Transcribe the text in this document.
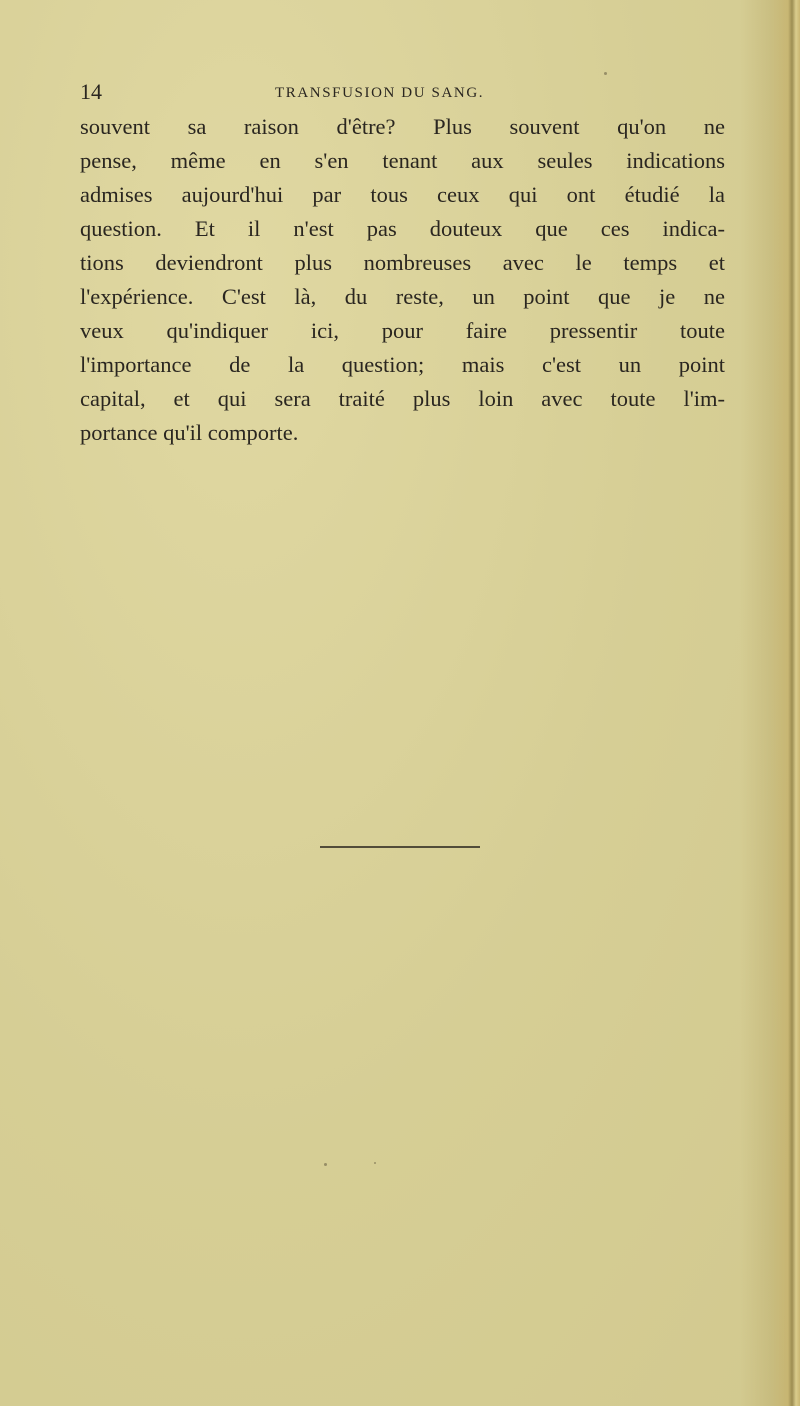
14	TRANSFUSION DU SANG.
souvent sa raison d'être? Plus souvent qu'on ne
pense, même en s'en tenant aux seules indications
admises aujourd'hui par tous ceux qui ont étudié la
question. Et il n'est pas douteux que ces indica-
tions deviendront plus nombreuses avec le temps et
l'expérience. C'est là, du reste, un point que je ne
veux qu'indiquer ici, pour faire pressentir toute
l'importance de la question; mais c'est un point
capital, et qui sera traité plus loin avec toute l'im-
portance qu'il comporte.
